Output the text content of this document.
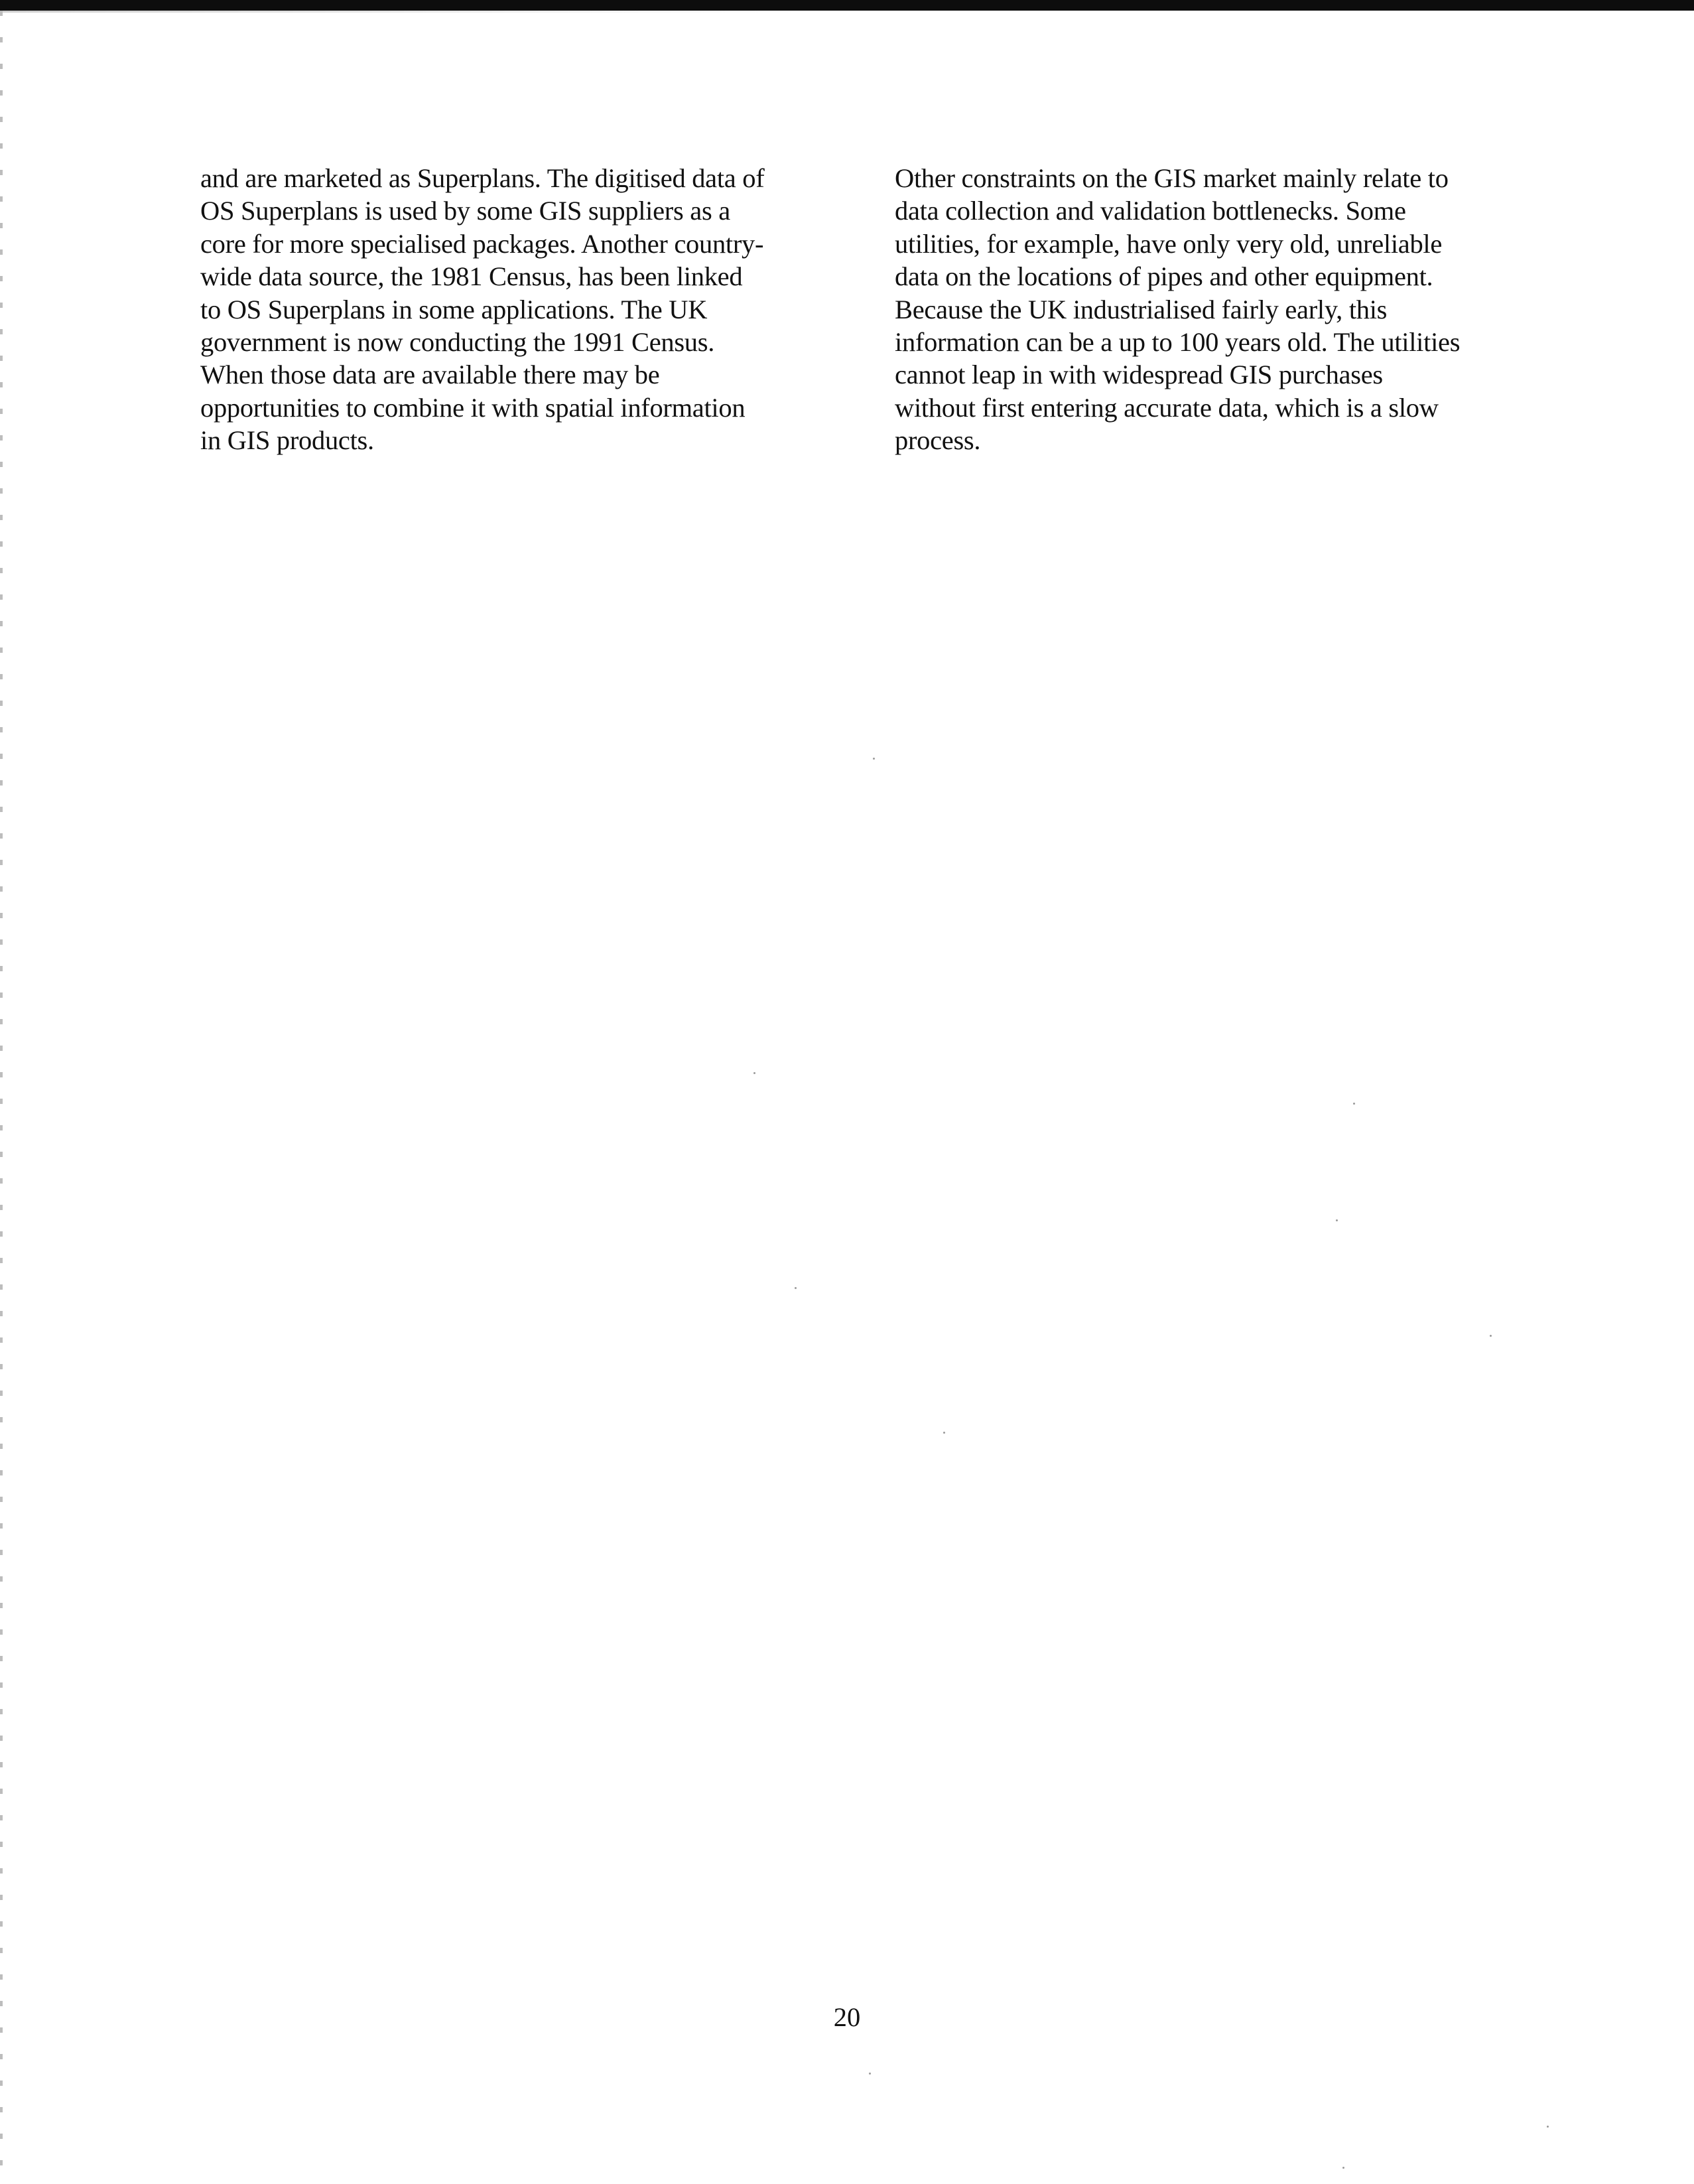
and are marketed as Superplans. The digitised data of
OS Superplans is used by some GIS suppliers as a
core for more specialised packages. Another country-
wide data source, the 1981 Census, has been linked
to OS Superplans in some applications. The UK
government is now conducting the 1991 Census.
When those data are available there may be
opportunities to combine it with spatial information
in GIS products.
Other constraints on the GIS market mainly relate to
data collection and validation bottlenecks. Some
utilities, for example, have only very old, unreliable
data on the locations of pipes and other equipment.
Because the UK industrialised fairly early, this
information can be a up to 100 years old. The utilities
cannot leap in with widespread GIS purchases
without first entering accurate data, which is a slow
process.
20
